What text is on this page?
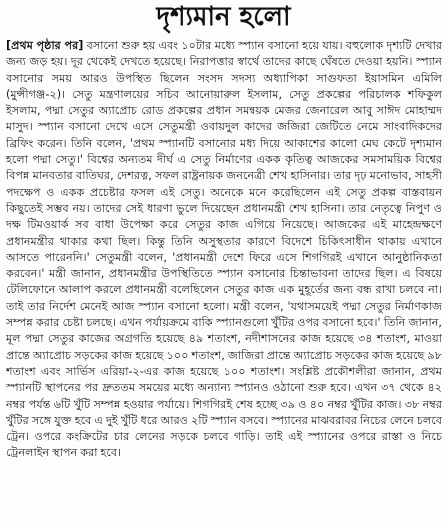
দৃশ্যমান হলো
[প্রথম পৃষ্ঠার পর] বসানো শুরু হয় এবং ১০টার মধ্যে স্প্যান বসানো হয়ে যায়। বহুলোক দৃশ্যটি দেখার জন্য জড় হয়। দূর থেকেই দেখতে হয়েছে। নিরাপত্তার স্বার্থে তাদের কাছে ঘেঁষতে দেওয়া হয়নি। স্প্যান বসানোর সময় আরও উপস্থিত ছিলেন সংসদ সদস্য অধ্যাপিকা সাগুফতা ইয়াসমিন এমিলি (মুন্সীগঞ্জ-২)। সেতু মন্ত্রণালয়ের সচিব আনোয়ারুল ইসলাম, সেতু প্রকল্পের পরিচালক শফিকুল ইসলাম, পদ্মা সেতুর অ্যাপ্রোচ রোড প্রকল্পের প্রধান সমন্বয়ক মেজর জেনারেল আবু সাঈদ মোহাম্মদ মাসুদ। স্প্যান বসানো দেখে এসে সেতুমন্ত্রী ওবায়দুল কাদের জজিরা জেটিতে নেমে সাংবাদিকদের ব্রিফিং করেন। তিনি বলেন, 'প্রথম স্প্যানটি বসানোর মধ্য দিয়ে আকাশের কালো মেঘ কেটে দৃশ্যমান হলো পদ্মা সেতু।' বিশ্বের অন্যতম দীর্ঘ এ সেতু নির্মাণের একক কৃতিত্ব আজকের সমসাময়িক বিশ্বের বিপন্ন মানবতার বাতিঘর, দেশরত্ন, সফল রাষ্ট্রনায়ক জননেত্রী শেখ হাসিনার। তার দৃঢ় মনোভাব, সাহসী পদক্ষেপ ও একক প্রচেষ্টার ফসল এই সেতু। অনেকে মনে করেছিলেন এই সেতু প্রকল্প বাস্তবায়ন কিছুতেই সম্ভব নয়। তাদের সেই ধারণা ভুলে দিয়েছেন প্রধানমন্ত্রী শেখ হাসিনা। তার নেতৃত্বে নিপুণ ও দক্ষ টিমওয়ার্ক সব বাধা উপেক্ষা করে সেতুর কাজ এগিয়ে নিয়েছে। আজকের এই মাহেন্দ্রক্ষণে প্রধানমন্ত্রীর থাকার কথা ছিল। কিন্তু তিনি অসুস্থতার কারণে বিদেশে চিকিৎসাধীন থাকায় এখানে আসতে পারেননি।' সেতুমন্ত্রী বলেন, 'প্রধানমন্ত্রী দেশে ফিরে এসে শিগগিরই এখানে আনুষ্ঠানিকতা করবেন।' মন্ত্রী জানান, প্রধানমন্ত্রীর উপস্থিতিতে স্প্যান বসানোর চিন্তাভাবনা তাদের ছিল। এ বিষয়ে টেলিফোনে আলাপ করলে প্রধানমন্ত্রী বলেছিলেন সেতুর কাজ এক মুহূর্তের জন্য বন্ধ রাখা চলবে না। তাই তার নির্দেশ মেনেই আজ স্প্যান বসানো হলো। মন্ত্রী বলেন, 'যথাসময়েই পদ্মা সেতুর নির্মাণকাজ সম্পন্ন করার চেষ্টা চলছে। এখন পর্যায়ক্রমে বাকি স্প্যানগুলো খুঁটির ওপর বসানো হবে।' তিনি জানান, মূল পদ্মা সেতুর কাজের অগ্রগতি হয়েছে ৪৯ শতাংশ, নদীশাসনের কাজ হয়েছে ৩৪ শতাংশ, মাওয়া প্রান্তে অ্যাপ্রোচ সড়কের কাজ হয়েছে ১০০ শতাংশ, জাজিরা প্রান্তে অ্যাপ্রোচ সড়কের কাজ হয়েছে ৯৮ শতাংশ এবং সার্ভিস এরিয়া-২-এর কাজ হয়েছে ১০০ শতাংশ। সংশ্লিষ্ট প্রকৌশলীরা জানান, প্রথম স্প্যানটি স্থাপনের পর দ্রুততম সময়ের মধ্যে অন্যান্য স্প্যানও ওঠানো শুরু হবে। এখন ৩৭ থেকে ৪২ নম্বর পর্যন্ত ৬টি খুঁটি সম্পন্ন হওয়ার পর্যায়ে। শিগগিরই শেষ হচ্ছে ৩৯ ও ৪০ নম্বর খুঁটির কাজ। ৩৮ নম্বর খুঁটির সঙ্গে যুক্ত হবে এ দুই খুঁটি ধরে আরও ২টি স্প্যান বসবে। স্প্যানের মাঝবরাবর নিচের লেনে চলবে ট্রেন। ওপরে কংক্রিটের চার লেনের সড়কে চলবে গাড়ি। তাই এই স্প্যানের ওপরে রাস্তা ও নিচে ট্রেনলাইন স্থাপন করা হবে।
